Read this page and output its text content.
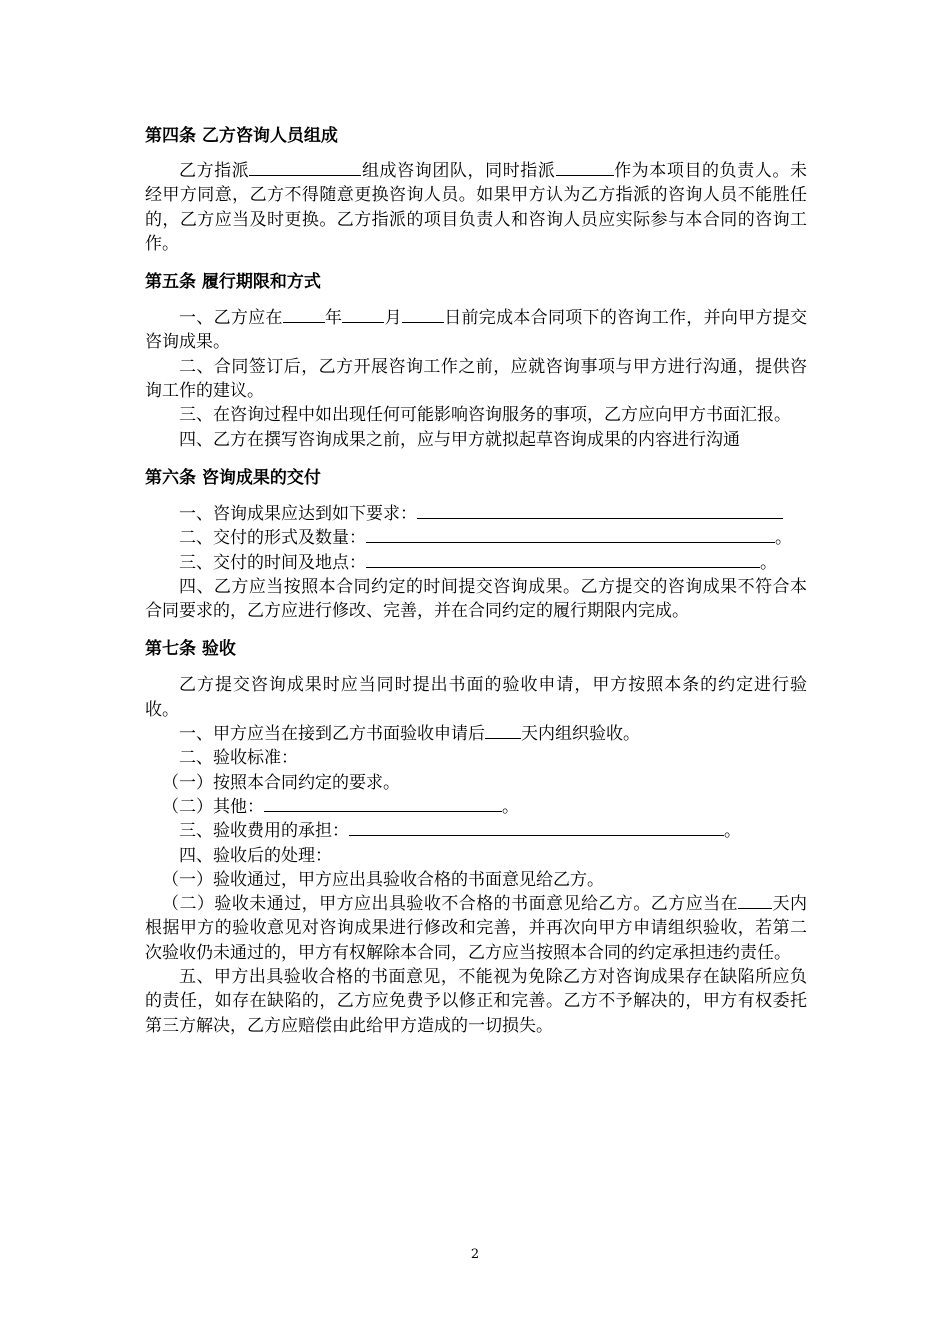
第四条 乙方咨询人员组成

乙方指派	组成咨询团队，同时指派	作为本项目的负责人。未经甲方同意，乙方不得随意更换咨询人员。如果甲方认为乙方指派的咨询人员不能胜任的，乙方应当及时更换。乙方指派的项目负责人和咨询人员应实际参与本合同的咨询工作。

第五条 履行期限和方式

一、乙方应在 年 月 日前完成本合同项下的咨询工作，并向甲方提交咨询成果。

二、合同签订后，乙方开展咨询工作之前，应就咨询事项与甲方进行沟通，提供咨询工作的建议。

三、在咨询过程中如出现任何可能影响咨询服务的事项，乙方应向甲方书面汇报。

四、乙方在撰写咨询成果之前，应与甲方就拟起草咨询成果的内容进行沟通

第六条 咨询成果的交付

一、咨询成果应达到如下要求：

二、交付的形式及数量：	。

三、交付的时间及地点：	。

四、乙方应当按照本合同约定的时间提交咨询成果。乙方提交的咨询成果不符合本合同要求的，乙方应进行修改、完善，并在合同约定的履行期限内完成。

第七条 验收

乙方提交咨询成果时应当同时提出书面的验收申请，甲方按照本条的约定进行验收。

一、甲方应当在接到乙方书面验收申请后 天内组织验收。

二、验收标准：

（一）按照本合同约定的要求。

（二）其他：	。

三、验收费用的承担：	。

四、验收后的处理：

（一）验收通过，甲方应出具验收合格的书面意见给乙方。

（二）验收未通过，甲方应出具验收不合格的书面意见给乙方。乙方应当在 天内根据甲方的验收意见对咨询成果进行修改和完善，并再次向甲方申请组织验收，若第二次验收仍未通过的，甲方有权解除本合同，乙方应当按照本合同的约定承担违约责任。

五、甲方出具验收合格的书面意见，不能视为免除乙方对咨询成果存在缺陷所应负的责任，如存在缺陷的，乙方应免费予以修正和完善。乙方不予解决的，甲方有权委托第三方解决，乙方应赔偿由此给甲方造成的一切损失。

2
